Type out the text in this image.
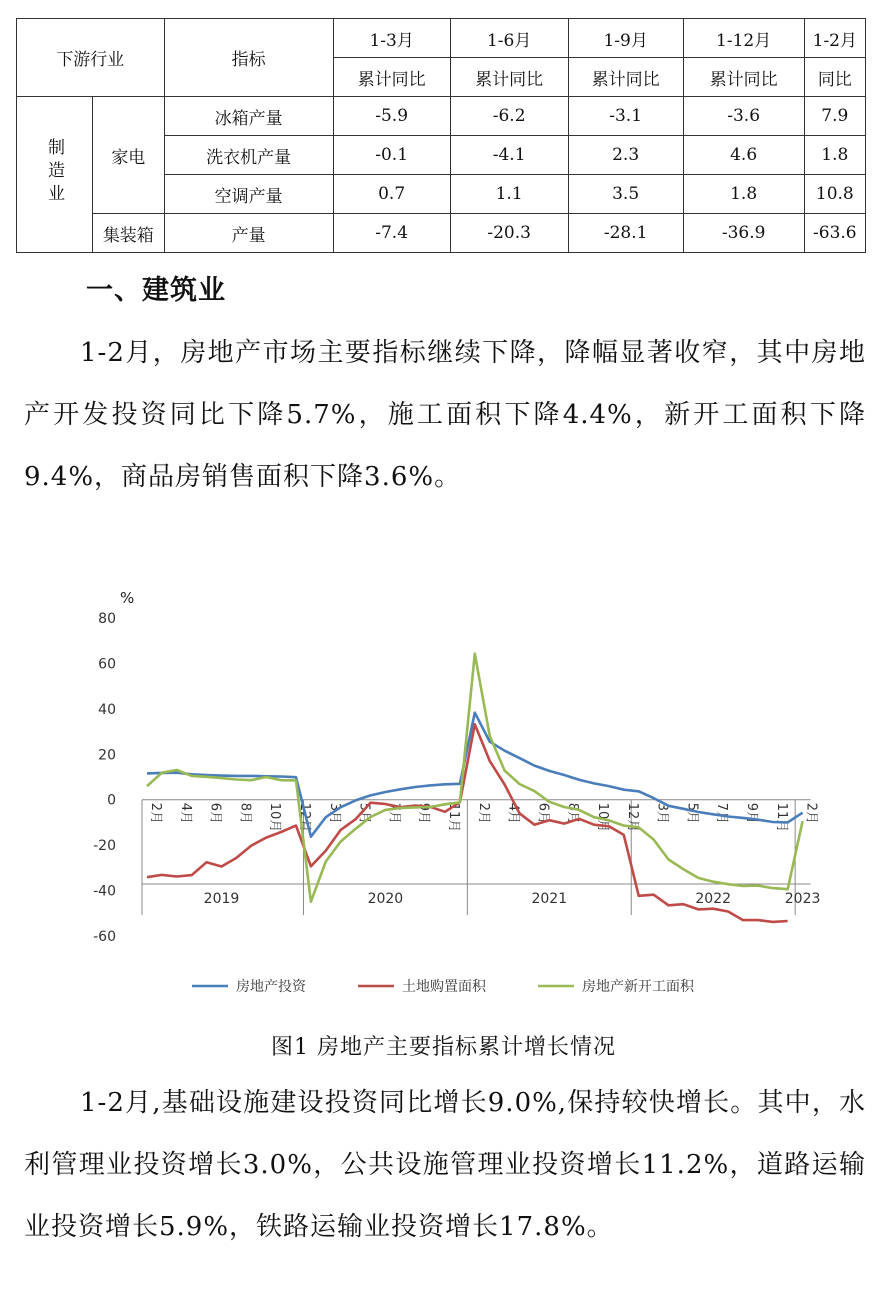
下游行业		指标	1-3月	1-6月	1-9月	1-12月	1-2月
			累计同比	累计同比	累计同比	累计同比	同比
制造业	家电	冰箱产量	-5.9	-6.2	-3.1	-3.6	7.9
		洗衣机产量	-0.1	-4.1	2.3	4.6	1.8
		空调产量	0.7	1.1	3.5	1.8	10.8
	集装箱	产量	-7.4	-20.3	-28.1	-36.9	-63.6
一、建筑业

1-2月，房地产市场主要指标继续下降，降幅显著收窄，其中房地产开发投资同比下降5.7%，施工面积下降4.4%，新开工面积下降9.4%，商品房销售面积下降3.6%。

%
80
60
40
20
0
-20
-40
-60
2月 4月 6月 8月 10月 12月 3月 5月 7月 9月 11月 2月 4月 6月 8月 10月 12月 3月 5月 7月 9月 11月 2月
2019	2020	2021	2022	2023
房地产投资	土地购置面积	房地产新开工面积
图1 房地产主要指标累计增长情况

1-2月,基础设施建设投资同比增长9.0%,保持较快增长。其中，水利管理业投资增长3.0%，公共设施管理业投资增长11.2%，道路运输业投资增长5.9%，铁路运输业投资增长17.8%。
